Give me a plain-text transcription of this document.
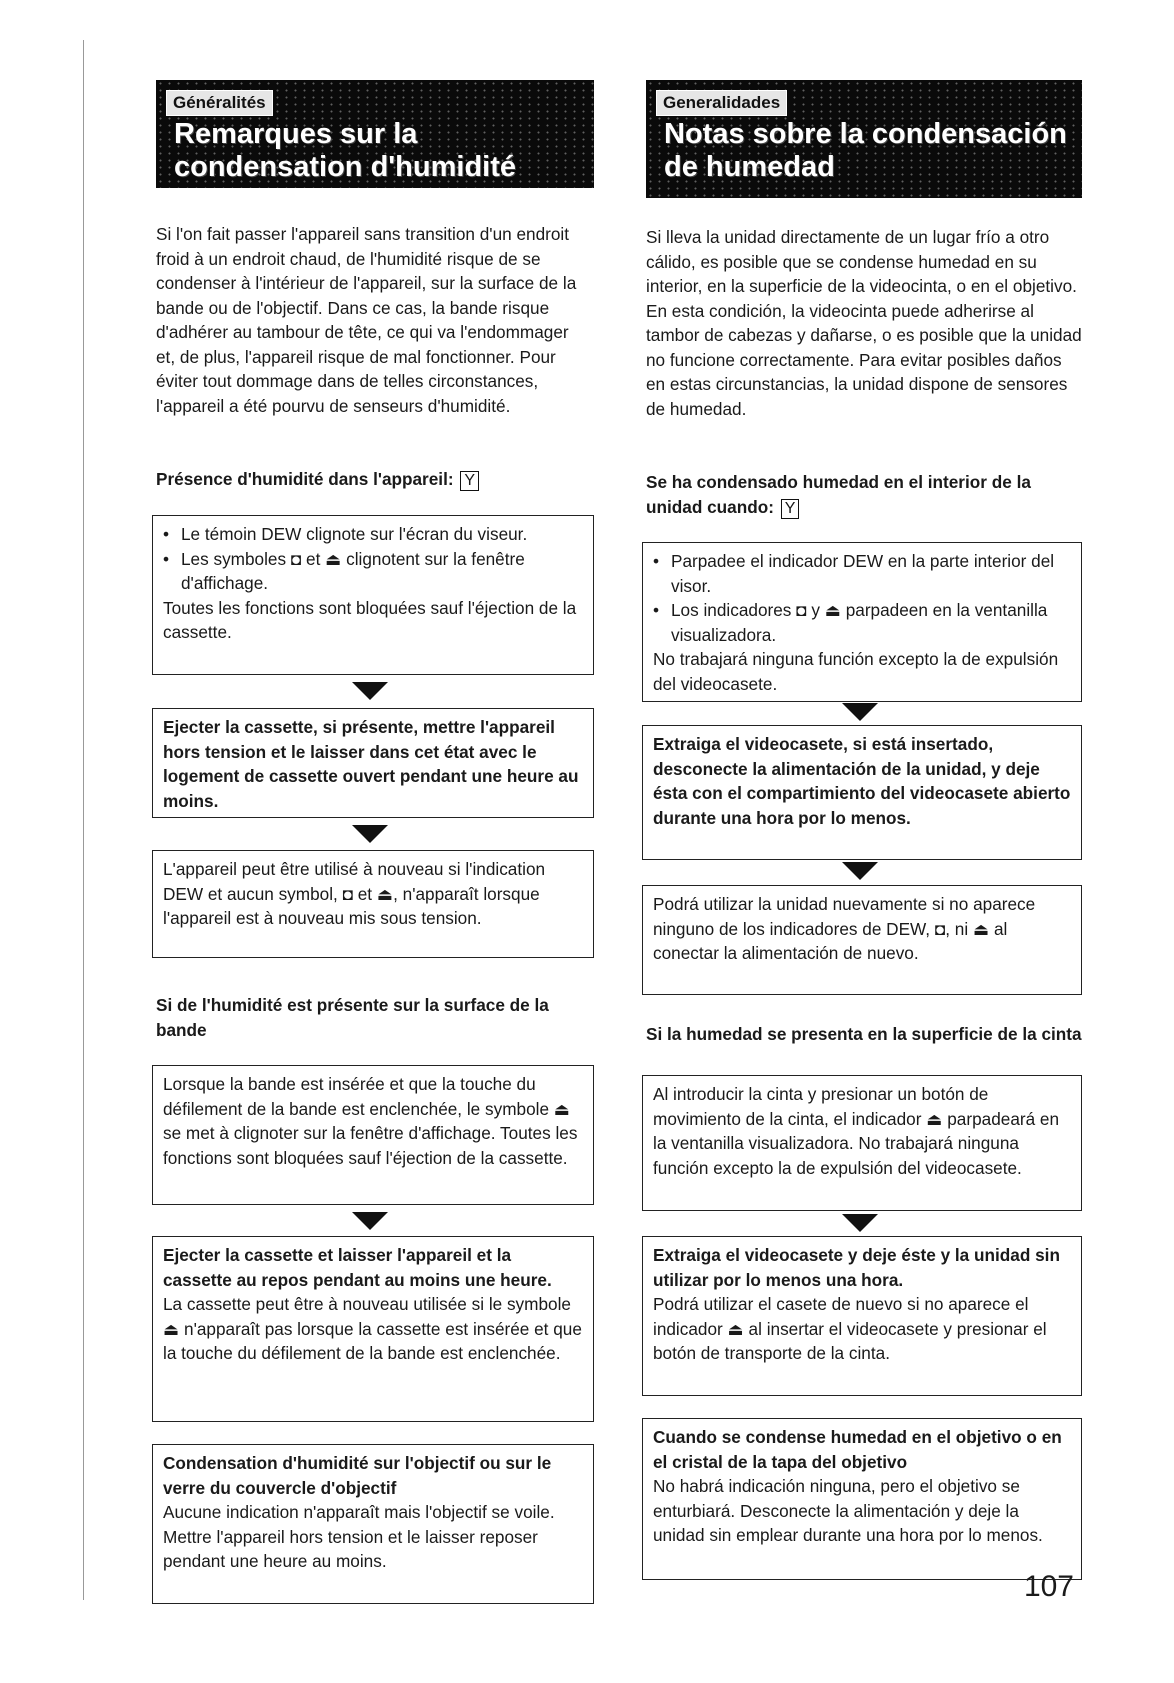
Généralités
Remarques sur la
condensation d'humidité
Si l'on fait passer l'appareil sans transition d'un endroit froid à un endroit chaud, de l'humidité risque de se condenser à l'intérieur de l'appareil, sur la surface de la bande ou de l'objectif. Dans ce cas, la bande risque d'adhérer au tambour de tête, ce qui va l'endommager et, de plus, l'appareil risque de mal fonctionner. Pour éviter tout dommage dans de telles circonstances, l'appareil a été pourvu de senseurs d'humidité.
Présence d'humidité dans l'appareil: Y
• Le témoin DEW clignote sur l'écran du viseur.
• Les symboles ◘ et ⏏ clignotent sur la fenêtre d'affichage.
Toutes les fonctions sont bloquées sauf l'éjection de la cassette.
Ejecter la cassette, si présente, mettre l'appareil hors tension et le laisser dans cet état avec le logement de cassette ouvert pendant une heure au moins.
L'appareil peut être utilisé à nouveau si l'indication DEW et aucun symbol, ◘ et ⏏, n'apparaît lorsque l'appareil est à nouveau mis sous tension.
Si de l'humidité est présente sur la surface de la bande
Lorsque la bande est insérée et que la touche du défilement de la bande est enclenchée, le symbole ⏏ se met à clignoter sur la fenêtre d'affichage. Toutes les fonctions sont bloquées sauf l'éjection de la cassette.
Ejecter la cassette et laisser l'appareil et la cassette au repos pendant au moins une heure.
La cassette peut être à nouveau utilisée si le symbole ⏏ n'apparaît pas lorsque la cassette est insérée et que la touche du défilement de la bande est enclenchée.
Condensation d'humidité sur l'objectif ou sur le verre du couvercle d'objectif
Aucune indication n'apparaît mais l'objectif se voile.
Mettre l'appareil hors tension et le laisser reposer pendant une heure au moins.
Generalidades
Notas sobre la condensación
de humedad
Si lleva la unidad directamente de un lugar frío a otro cálido, es posible que se condense humedad en su interior, en la superficie de la videocinta, o en el objetivo. En esta condición, la videocinta puede adherirse al tambor de cabezas y dañarse, o es posible que la unidad no funcione correctamente. Para evitar posibles daños en estas circunstancias, la unidad dispone de sensores de humedad.
Se ha condensado humedad en el interior de la unidad cuando: Y
• Parpadee el indicador DEW en la parte interior del visor.
• Los indicadores ◘ y ⏏ parpadeen en la ventanilla visualizadora.
No trabajará ninguna función excepto la de expulsión del videocasete.
Extraiga el videocasete, si está insertado, desconecte la alimentación de la unidad, y deje ésta con el compartimiento del videocasete abierto durante una hora por lo menos.
Podrá utilizar la unidad nuevamente si no aparece ninguno de los indicadores de DEW, ◘, ni ⏏ al conectar la alimentación de nuevo.
Si la humedad se presenta en la superficie de la cinta
Al introducir la cinta y presionar un botón de movimiento de la cinta, el indicador ⏏ parpadeará en la ventanilla visualizadora. No trabajará ninguna función excepto la de expulsión del videocasete.
Extraiga el videocasete y deje éste y la unidad sin utilizar por lo menos una hora.
Podrá utilizar el casete de nuevo si no aparece el indicador ⏏ al insertar el videocasete y presionar el botón de transporte de la cinta.
Cuando se condense humedad en el objetivo o en el cristal de la tapa del objetivo
No habrá indicación ninguna, pero el objetivo se enturbiará. Desconecte la alimentación y deje la unidad sin emplear durante una hora por lo menos.
107
